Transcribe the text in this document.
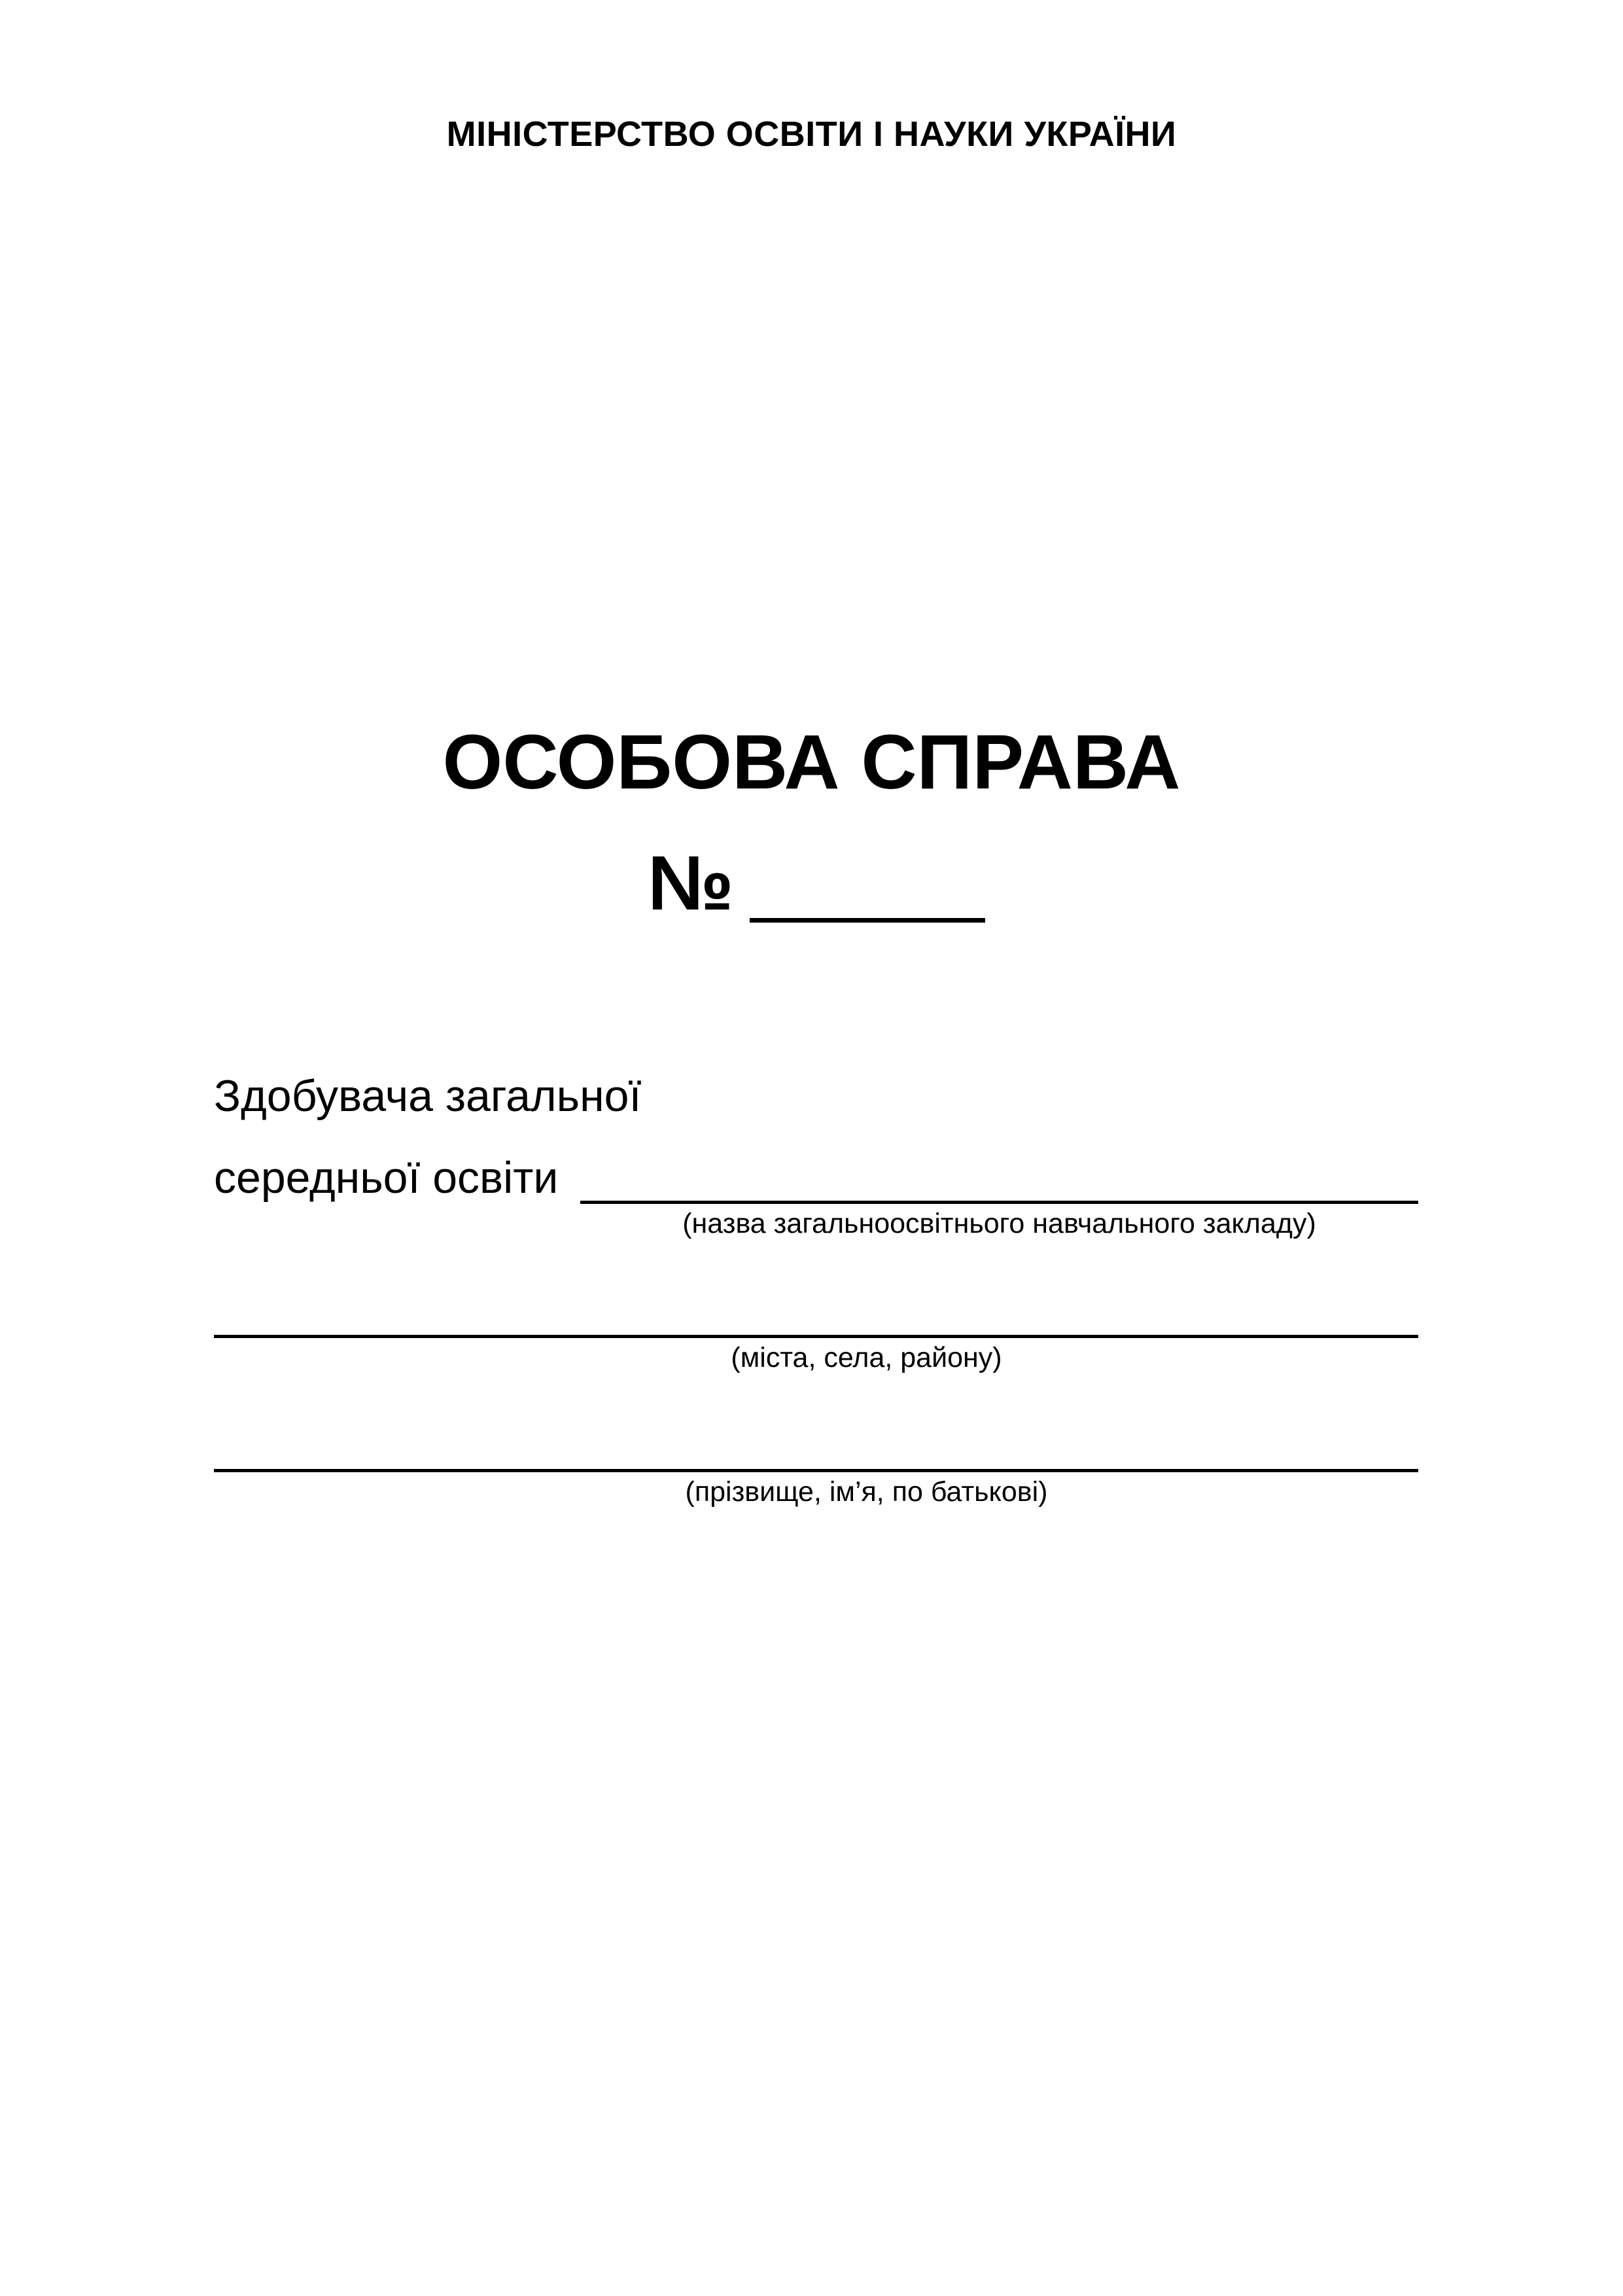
МІНІСТЕРСТВО ОСВІТИ І НАУКИ УКРАЇНИ
ОСОБОВА СПРАВА
№
Здобувача загальної
середньої освіти
(назва загальноосвітнього навчального закладу)
(міста, села, району)
(прізвище, ім’я, по батькові)
